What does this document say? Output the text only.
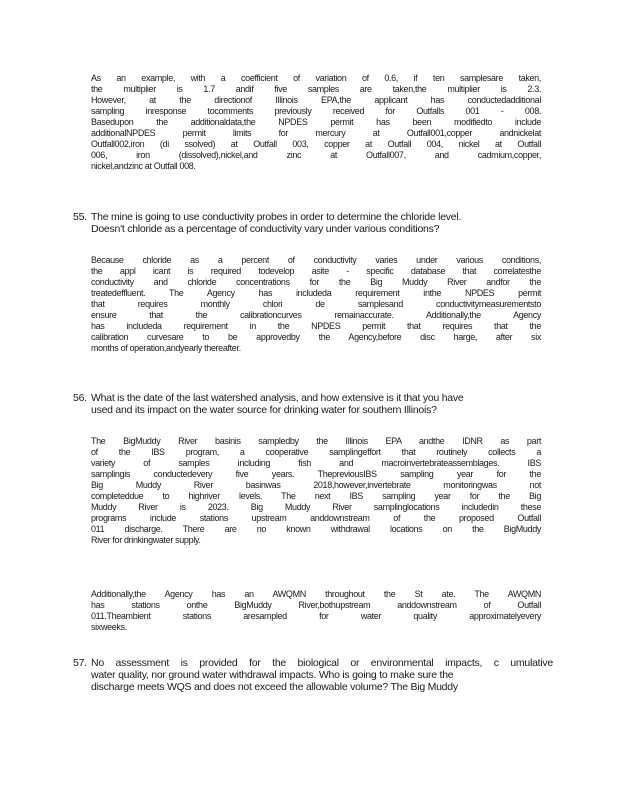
As an example, with a coefficient of variation of 0.6, if ten samplesare taken,
the multiplier is 1.7 andif five samples are taken,the multiplier is 2.3.
However, at the directionof Illinois EPA,the applicant has conductedadditional
sampling inresponse tocomments previously received for Outfalls 001 - 008.
Basedupon the additionaldata,the NPDES permit has been modifiedto include
additionalNPDES permit limits for mercury at Outfall001,copper andnickelat
Outfall002,iron (di ssolved) at Outfall 003, copper at Outfall 004, nickel at Outfall
006, iron (dissolved),nickel,and zinc at Outfall007, and cadmium,copper,
nickel,andzinc at Outfall 008.
55. The mine is going to use conductivity probes in order to determine the chloride level.
Doesn't chloride as a percentage of conductivity vary under various conditions?
Because chloride as a percent of conductivity varies under various conditions,
the appl icant is required todevelop asite - specific database that correlatesthe
conductivity and chloride concentrations for the Big Muddy River andfor the
treatedeffluent. The Agency has includeda requirement inthe NPDES permit
that requires monthly chlori de samplesand conductivitymeasurementsto
ensure that the calibrationcurves remainaccurate. Additionally,the Agency
has includeda requirement in the NPDES permit that requires that the
calibration curvesare to be approvedby the Agency,before disc harge, after six
months of operation,andyearly thereafter.
56. What is the date of the last watershed analysis, and how extensive is it that you have
used and its impact on the water source for drinking water for southern Illinois?
The BigMuddy River basinis sampledby the Illinois EPA andthe IDNR as part
of the IBS program, a cooperative samplingeffort that routinely collects a
variety of samples including fish and macroinvertebrateassemblages. IBS
samplingis conductedevery five years. ThepreviousIBS sampling year for the
Big Muddy River basinwas 2018,however,invertebrate monitoringwas not
completeddue to highriver levels. The next IBS sampling year for the Big
Muddy River is 2023. Big Muddy River samplinglocations includedin these
programs include stations upstream anddownstream of the proposed Outfall
011 discharge. There are no known withdrawal locations on the BigMuddy
River for drinkingwater supply.
Additionally,the Agency has an AWQMN throughout the St ate. The AWQMN
has stations onthe BigMuddy River,bothupstream anddownstream of Outfall
011.Theambient stations aresampled for water quality approximatelyevery
sixweeks.
57. No assessment is provided for the biological or environmental impacts, c umulative
water quality, nor ground water withdrawal impacts. Who is going to make sure the
discharge meets WQS and does not exceed the allowable volume? The Big Muddy
